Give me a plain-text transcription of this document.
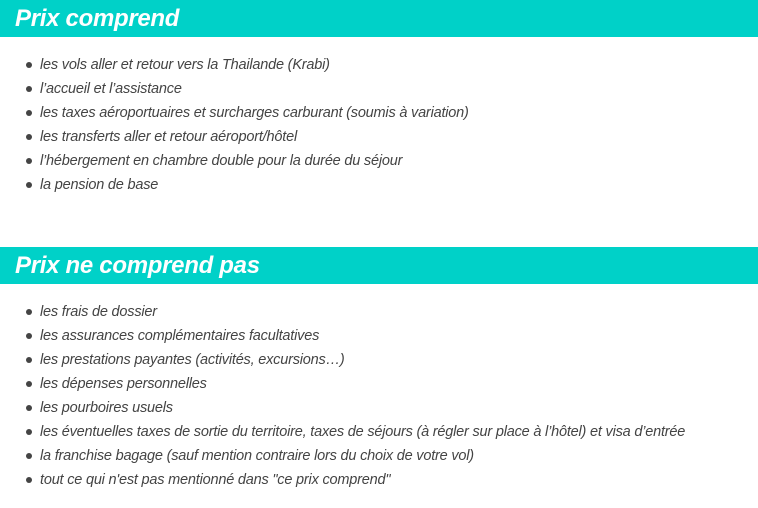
Prix comprend
les vols aller et retour vers la Thailande (Krabi)
l’accueil et l’assistance
les taxes aéroportuaires et surcharges carburant (soumis à variation)
les transferts aller et retour aéroport/hôtel
l’hébergement en chambre double pour la durée du séjour
la pension de base
Prix ne comprend pas
les frais de dossier
les assurances complémentaires facultatives
les prestations payantes (activités, excursions…)
les dépenses personnelles
les pourboires usuels
les éventuelles taxes de sortie du territoire, taxes de séjours (à régler sur place à l’hôtel) et visa d’entrée
la franchise bagage (sauf mention contraire lors du choix de votre vol)
tout ce qui n'est pas mentionné dans "ce prix comprend"
